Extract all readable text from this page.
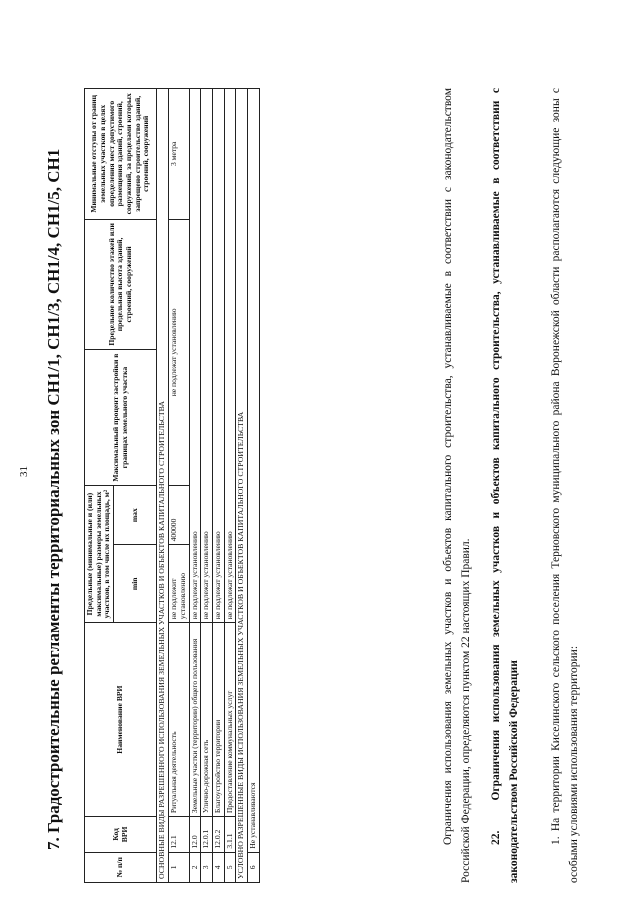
31 7. Градостроительные регламенты территориальных зон СН1/1, СН1/3, СН1/4, СН1/5, СН1
№ п/п	Код ВРИ	Наименование ВРИ	Предельные (минимальные и (или) максимальные) размеры земельных участков, в том числе их площадь, м²		Максимальный процент застройки в границах земельного участка	Предельное количество этажей или предельная высота зданий, строений, сооружений	Минимальные отступы от границ земельных участков в целях определения мест допустимого размещения зданий, строений, сооружений, за пределами которых запрещено строительство зданий, строений, сооружений
			min	max			
ОСНОВНЫЕ ВИДЫ РАЗРЕШЕННОГО ИСПОЛЬЗОВАНИЯ ЗЕМЕЛЬНЫХ УЧАСТКОВ И ОБЪЕКТОВ КАПИТАЛЬНОГО СТРОИТЕЛЬСТВА							
1	12.1	Ритуальная деятельность	не подлежит установлению	400000	не подлежат установлению		3 метра
2	12.0	Земельные участки (территории) общего пользования	не подлежат установлению				
3	12.0.1	Улично-дорожная сеть	не подлежат установлению				
4	12.0.2	Благоустройство территории	не подлежат установлению				
5	3.1.1	Предоставление коммунальных услуг	не подлежат установлению				
УСЛОВНО РАЗРЕШЕННЫЕ ВИДЫ ИСПОЛЬЗОВАНИЯ ЗЕМЕЛЬНЫХ УЧАСТКОВ И ОБЪЕКТОВ КАПИТАЛЬНОГО СТРОИТЕЛЬСТВА							
6	Не устанавливаются							Ограничения использования земельных участков и объектов капитального строительства, устанавливаемые в соответствии с законодательством Российской Федерации, определяются пунктом 22 настоящих Правил.	22.    Ограничения использования земельных участков и объектов капитального строительства, устанавливаемые в соответствии с законодательством Российской Федерации	1. На территории Киселинского сельского поселения Терновского муниципального района Воронежской области располагаются следующие зоны с особыми условиями использования территории:
